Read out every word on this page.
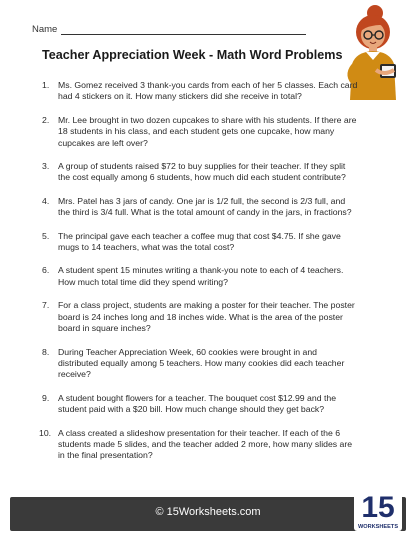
Name
Teacher Appreciation Week - Math Word Problems
1. Ms. Gomez received 3 thank-you cards from each of her 5 classes. Each card had 4 stickers on it. How many stickers did she receive in total?
2. Mr. Lee brought in two dozen cupcakes to share with his students. If there are 18 students in his class, and each student gets one cupcake, how many cupcakes are left over?
3. A group of students raised $72 to buy supplies for their teacher. If they split the cost equally among 6 students, how much did each student contribute?
4. Mrs. Patel has 3 jars of candy. One jar is 1/2 full, the second is 2/3 full, and the third is 3/4 full. What is the total amount of candy in the jars, in fractions?
5. The principal gave each teacher a coffee mug that cost $4.75. If she gave mugs to 14 teachers, what was the total cost?
6. A student spent 15 minutes writing a thank-you note to each of 4 teachers. How much total time did they spend writing?
7. For a class project, students are making a poster for their teacher. The poster board is 24 inches long and 18 inches wide. What is the area of the poster board in square inches?
8. During Teacher Appreciation Week, 60 cookies were brought in and distributed equally among 5 teachers. How many cookies did each teacher receive?
9. A student bought flowers for a teacher. The bouquet cost $12.99 and the student paid with a $20 bill. How much change should they get back?
10. A class created a slideshow presentation for their teacher. If each of the 6 students made 5 slides, and the teacher added 2 more, how many slides are in the final presentation?
© 15Worksheets.com	15
WORKSHEETS
